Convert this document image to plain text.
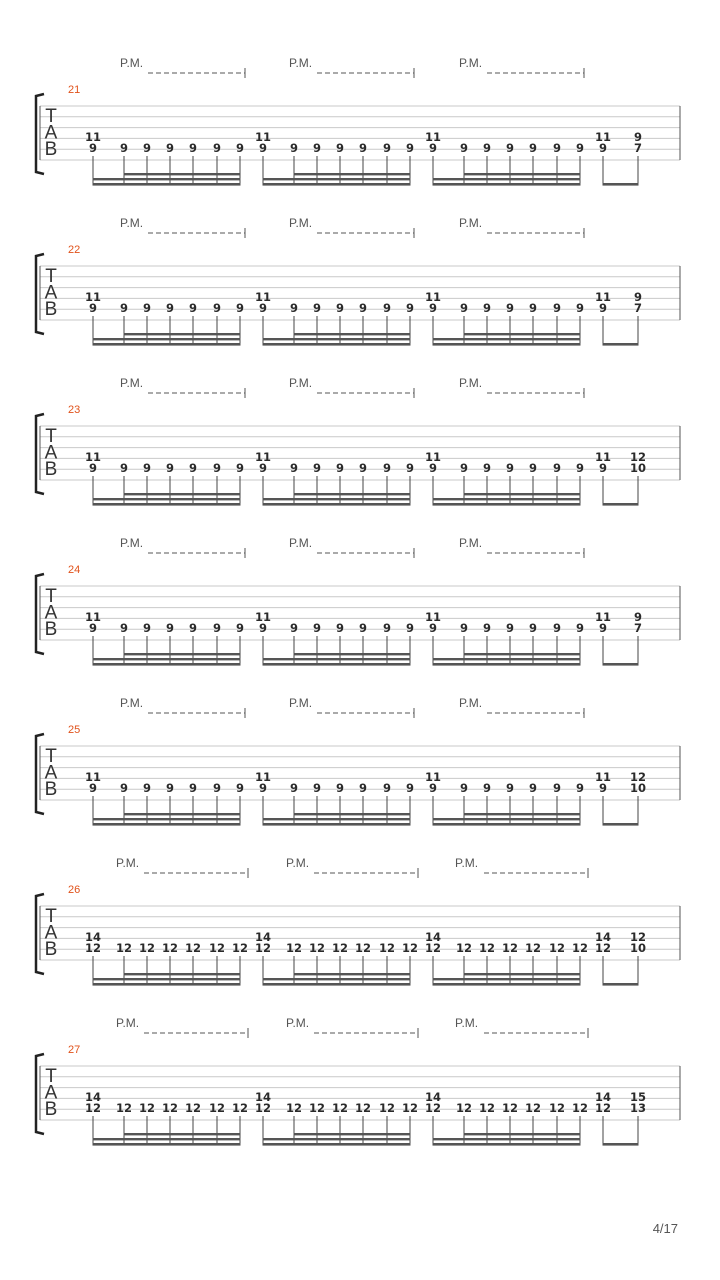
P.M.	P.M.	P.M.
21
T
A
B
11
9 9 9 9 9 9 9
11
9 9 9 9 9 9 9
11
9 9 9 9 9 9 9
11
9
9
7
P.M.	P.M.	P.M.
22
T
A
B
11
9 9 9 9 9 9 9
11
9 9 9 9 9 9 9
11
9 9 9 9 9 9 9
11
9
9
7
P.M.	P.M.	P.M.
23
T
A
B
11
9 9 9 9 9 9 9
11
9 9 9 9 9 9 9
11
9 9 9 9 9 9 9
11
9
12
10
P.M.	P.M.	P.M.
24
T
A
B
11
9 9 9 9 9 9 9
11
9 9 9 9 9 9 9
11
9 9 9 9 9 9 9
11
9
9
7
P.M.	P.M.	P.M.
25
T
A
B
11
9 9 9 9 9 9 9
11
9 9 9 9 9 9 9
11
9 9 9 9 9 9 9
11
9
12
10
P.M.	P.M.	P.M.
26
T
A
B
14
12 12 12 12 12 12 12
14
12 12 12 12 12 12 12
14
12 12 12 12 12 12 12
14
12
12
10
P.M.	P.M.	P.M.
27
T
A
B
14
12 12 12 12 12 12 12
14
12 12 12 12 12 12 12
14
12 12 12 12 12 12 12
14
12
15
13
4/17
